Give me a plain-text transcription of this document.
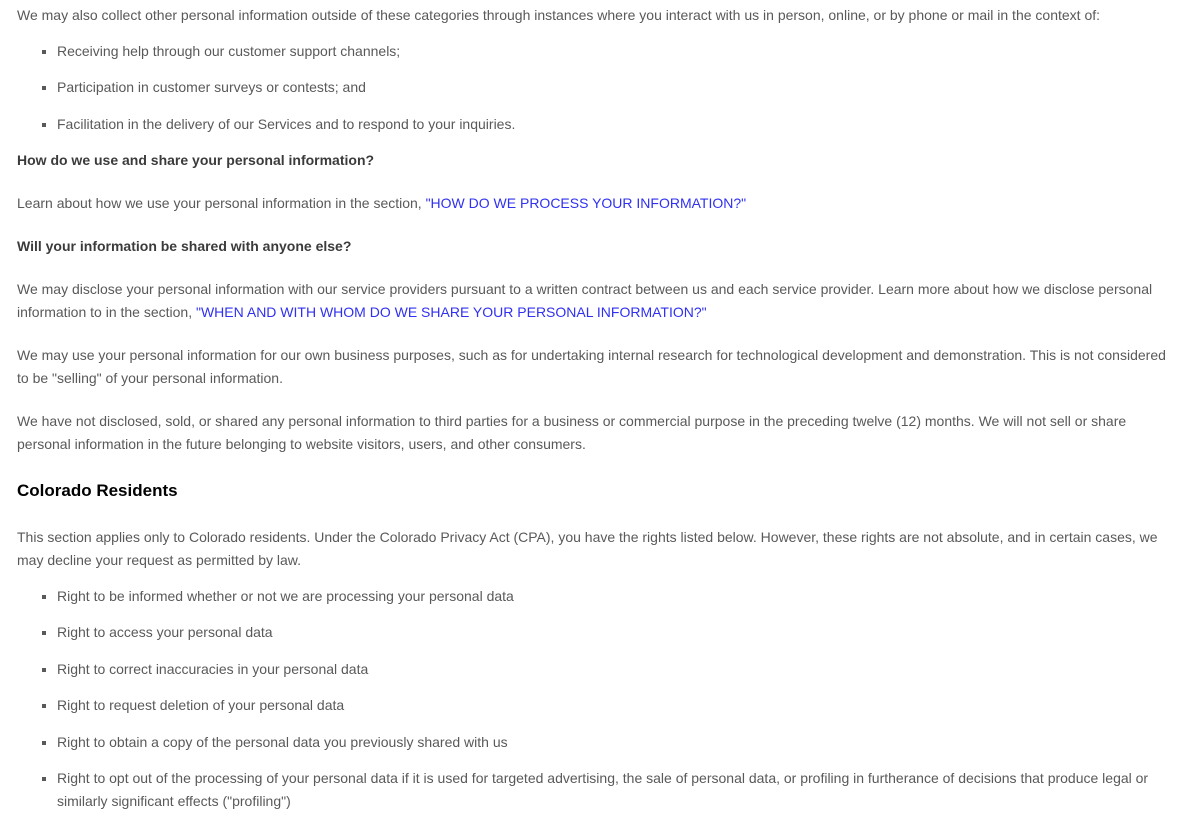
We may also collect other personal information outside of these categories through instances where you interact with us in person, online, or by phone or mail in the context of:

Receiving help through our customer support channels;
Participation in customer surveys or contests; and
Facilitation in the delivery of our Services and to respond to your inquiries.

How do we use and share your personal information?

Learn about how we use your personal information in the section, "HOW DO WE PROCESS YOUR INFORMATION?"

Will your information be shared with anyone else?

We may disclose your personal information with our service providers pursuant to a written contract between us and each service provider. Learn more about how we disclose personal information to in the section, "WHEN AND WITH WHOM DO WE SHARE YOUR PERSONAL INFORMATION?"

We may use your personal information for our own business purposes, such as for undertaking internal research for technological development and demonstration. This is not considered to be "selling" of your personal information.

We have not disclosed, sold, or shared any personal information to third parties for a business or commercial purpose in the preceding twelve (12) months. We will not sell or share personal information in the future belonging to website visitors, users, and other consumers.

Colorado Residents

This section applies only to Colorado residents. Under the Colorado Privacy Act (CPA), you have the rights listed below. However, these rights are not absolute, and in certain cases, we may decline your request as permitted by law.

Right to be informed whether or not we are processing your personal data
Right to access your personal data
Right to correct inaccuracies in your personal data
Right to request deletion of your personal data
Right to obtain a copy of the personal data you previously shared with us
Right to opt out of the processing of your personal data if it is used for targeted advertising, the sale of personal data, or profiling in furtherance of decisions that produce legal or similarly significant effects ("profiling")
